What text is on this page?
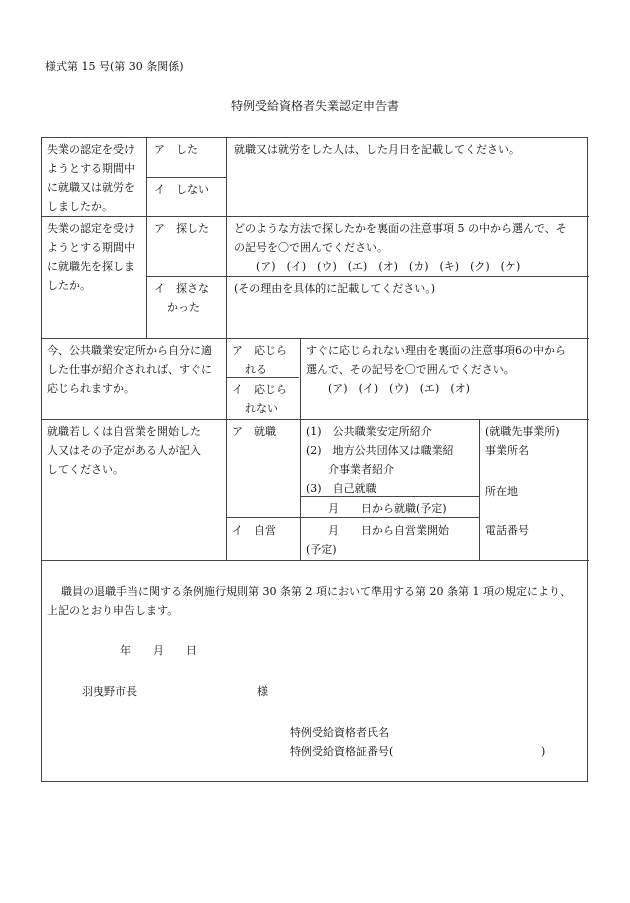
様式第 15 号(第 30 条関係)
特例受給資格者失業認定申告書
失業の認定を受け
ようとする期間中
に就職又は就労を
しましたか。
ア　した
イ　しない
就職又は就労をした人は、した月日を記載してください。
失業の認定を受け
ようとする期間中
に就職先を探しま
したか。
ア　探した
イ　探さな
かった
どのような方法で探したかを裏面の注意事項 5 の中から選んで、そ
の記号を〇で囲んでください。
(ア)　(イ)　(ウ)　(エ)　(オ)　(カ)　(キ)　(ク)　(ケ)
(その理由を具体的に記載してください。)
今、公共職業安定所から自分に適
した仕事が紹介されれば、すぐに
応じられますか。
ア　応じら
れる
イ　応じら
れない
すぐに応じられない理由を裏面の注意事項6の中から
選んで、その記号を〇で囲んでください。
(ア)　(イ)　(ウ)　(エ)　(オ)
就職若しくは自営業を開始した
人又はその予定がある人が記入
してください。
ア　就職
イ　自営
(1)　公共職業安定所紹介
(2)　地方公共団体又は職業紹
介事業者紹介
(3)　自己就職
月　　日から就職(予定)
月　　日から自営業開始
(予定)
(就職先事業所)
事業所名
所在地
電話番号
職員の退職手当に関する条例施行規則第 30 条第 2 項において準用する第 20 条第 1 項の規定により、
上記のとおり申告します。
年　　月　　日
羽曳野市長	様
特例受給資格者氏名
特例受給資格証番号(	)
